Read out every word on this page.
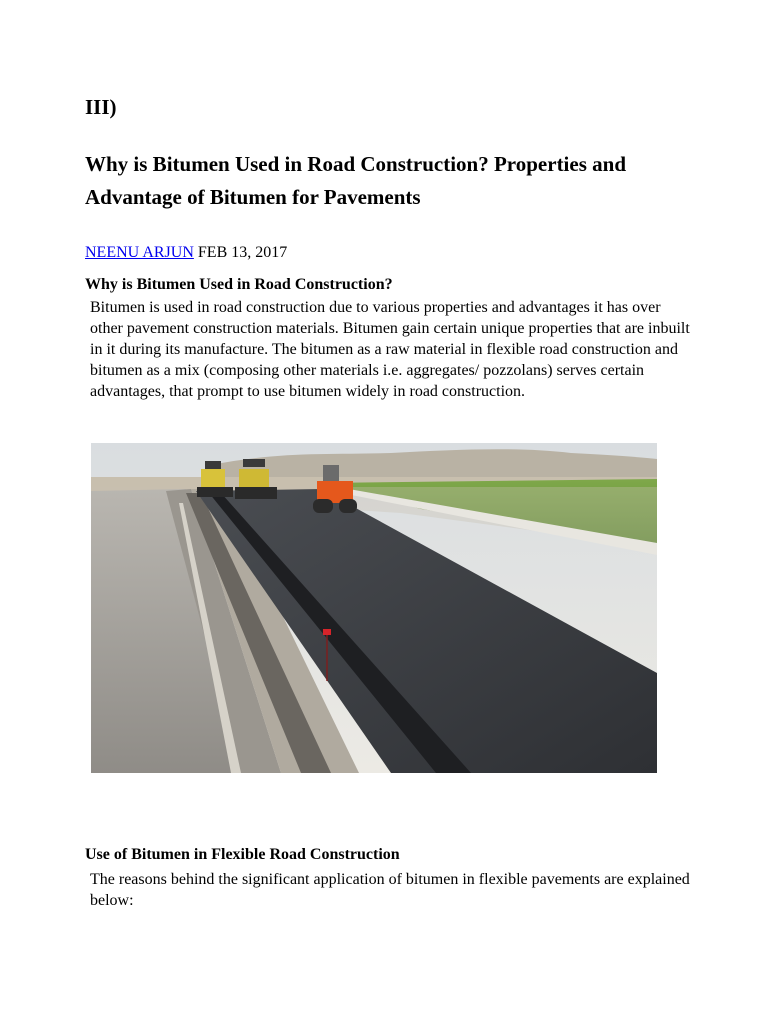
III)
Why is Bitumen Used in Road Construction? Properties and Advantage of Bitumen for Pavements

NEENU ARJUN FEB 13, 2017

Why is Bitumen Used in Road Construction?

Bitumen is used in road construction due to various properties and advantages it has over other pavement construction materials. Bitumen gain certain unique properties that are inbuilt in it during its manufacture. The bitumen as a raw material in flexible road construction and bitumen as a mix (composing other materials i.e. aggregates/ pozzolans) serves certain advantages, that prompt to use bitumen widely in road construction.

Use of Bitumen in Flexible Road Construction

The reasons behind the significant application of bitumen in flexible pavements are explained below:
